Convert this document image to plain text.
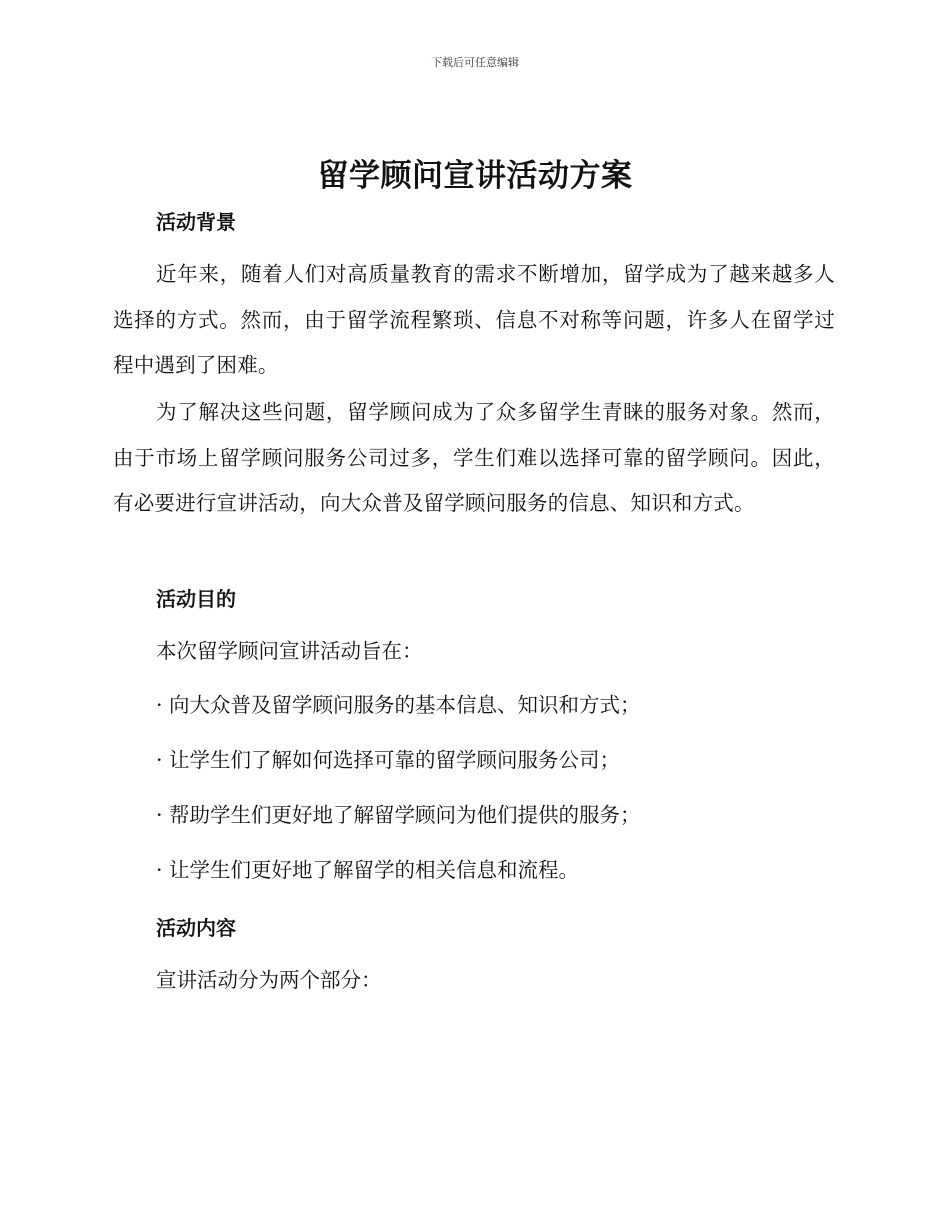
下载后可任意编辑
留学顾问宣讲活动方案
活动背景

近年来，随着人们对高质量教育的需求不断增加，留学成为了越来越多人选择的方式。然而，由于留学流程繁琐、信息不对称等问题，许多人在留学过程中遇到了困难。

为了解决这些问题，留学顾问成为了众多留学生青睐的服务对象。然而，由于市场上留学顾问服务公司过多，学生们难以选择可靠的留学顾问。因此，有必要进行宣讲活动，向大众普及留学顾问服务的信息、知识和方式。

活动目的
本次留学顾问宣讲活动旨在：
· 向大众普及留学顾问服务的基本信息、知识和方式；
· 让学生们了解如何选择可靠的留学顾问服务公司；
· 帮助学生们更好地了解留学顾问为他们提供的服务；
· 让学生们更好地了解留学的相关信息和流程。
活动内容
宣讲活动分为两个部分：
